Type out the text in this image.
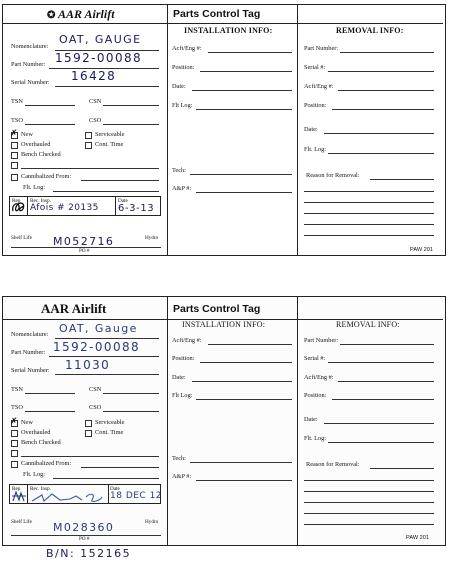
✪ AAR Airlift	Parts Control Tag
Nomenclature:
OAT, GAUGE
Part Number: 1592-00088
Serial Number: 16428
TSN	CSN
TSO	CSO
✗
New	Serviceable
Overhauled	Cont. Time
Bench Checked
Cannibalized From:
Flt. Log:
Rep Rec. Insp.	Date
Afois # 20135 6-3-13
Shelf Life	Hydro
M052716
PO #
INSTALLATION INFO:
Acft/Eng #:
Position:
Date:
Flt Log:
Tech:
A&P #:
REMOVAL INFO:
Part Number:
Serial #:
Acft/Eng #:
Position:
Date:
Flt. Log:
Reason for Removal:
PAW 201
AAR Airlift	Parts Control Tag
Nomenclature: OAT, Gauge
Part Number: 1592-00088
Serial Number: 11030
TSN	CSN
TSO	CSO
✗
New	Serviceable
Overhauled	Cont. Time
Bench Checked
Cannibalized From:
Flt. Log:
Rep Rec. Insp.	Date
18 DEC 12
Shelf Life	Hydro
M028360
PO #
INSTALLATION INFO:
Acft/Eng #:
Position:
Date:
Flt Log:
Tech:
A&P #:
REMOVAL INFO:
Part Number:
Serial #:
Acft/Eng #:
Position:
Date:
Flt. Log:
Reason for Removal:
PAW 201
B/N: 152165
